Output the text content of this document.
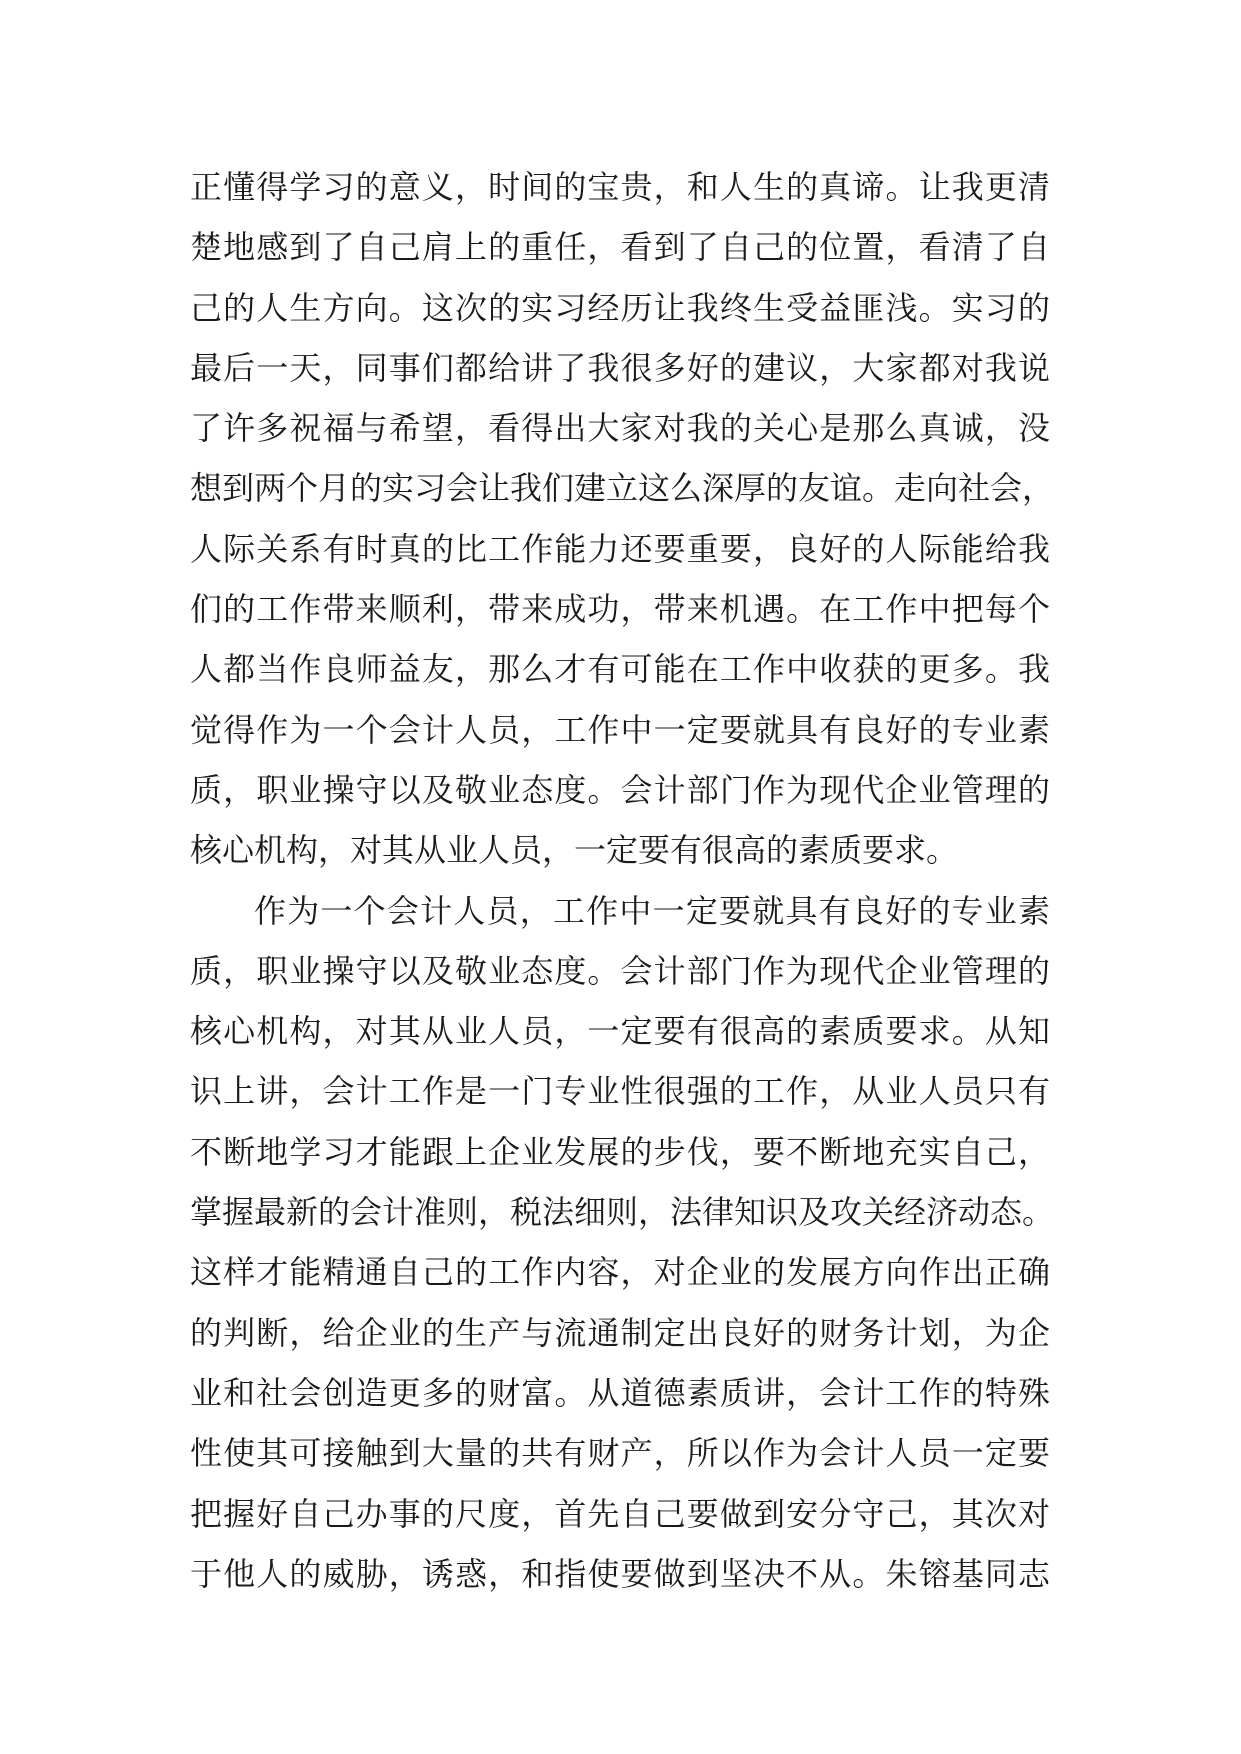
正懂得学习的意义，时间的宝贵，和人生的真谛。让我更清
楚地感到了自己肩上的重任，看到了自己的位置，看清了自
己的人生方向。这次的实习经历让我终生受益匪浅。实习的
最后一天，同事们都给讲了我很多好的建议，大家都对我说
了许多祝福与希望，看得出大家对我的关心是那么真诚，没
想到两个月的实习会让我们建立这么深厚的友谊。走向社会，
人际关系有时真的比工作能力还要重要，良好的人际能给我
们的工作带来顺利，带来成功，带来机遇。在工作中把每个
人都当作良师益友，那么才有可能在工作中收获的更多。我
觉得作为一个会计人员，工作中一定要就具有良好的专业素
质，职业操守以及敬业态度。会计部门作为现代企业管理的
核心机构，对其从业人员，一定要有很高的素质要求。
作为一个会计人员，工作中一定要就具有良好的专业素
质，职业操守以及敬业态度。会计部门作为现代企业管理的
核心机构，对其从业人员，一定要有很高的素质要求。从知
识上讲，会计工作是一门专业性很强的工作，从业人员只有
不断地学习才能跟上企业发展的步伐，要不断地充实自己，
掌握最新的会计准则，税法细则，法律知识及攻关经济动态。
这样才能精通自己的工作内容，对企业的发展方向作出正确
的判断，给企业的生产与流通制定出良好的财务计划，为企
业和社会创造更多的财富。从道德素质讲，会计工作的特殊
性使其可接触到大量的共有财产，所以作为会计人员一定要
把握好自己办事的尺度，首先自己要做到安分守己，其次对
于他人的威胁，诱惑，和指使要做到坚决不从。朱镕基同志
